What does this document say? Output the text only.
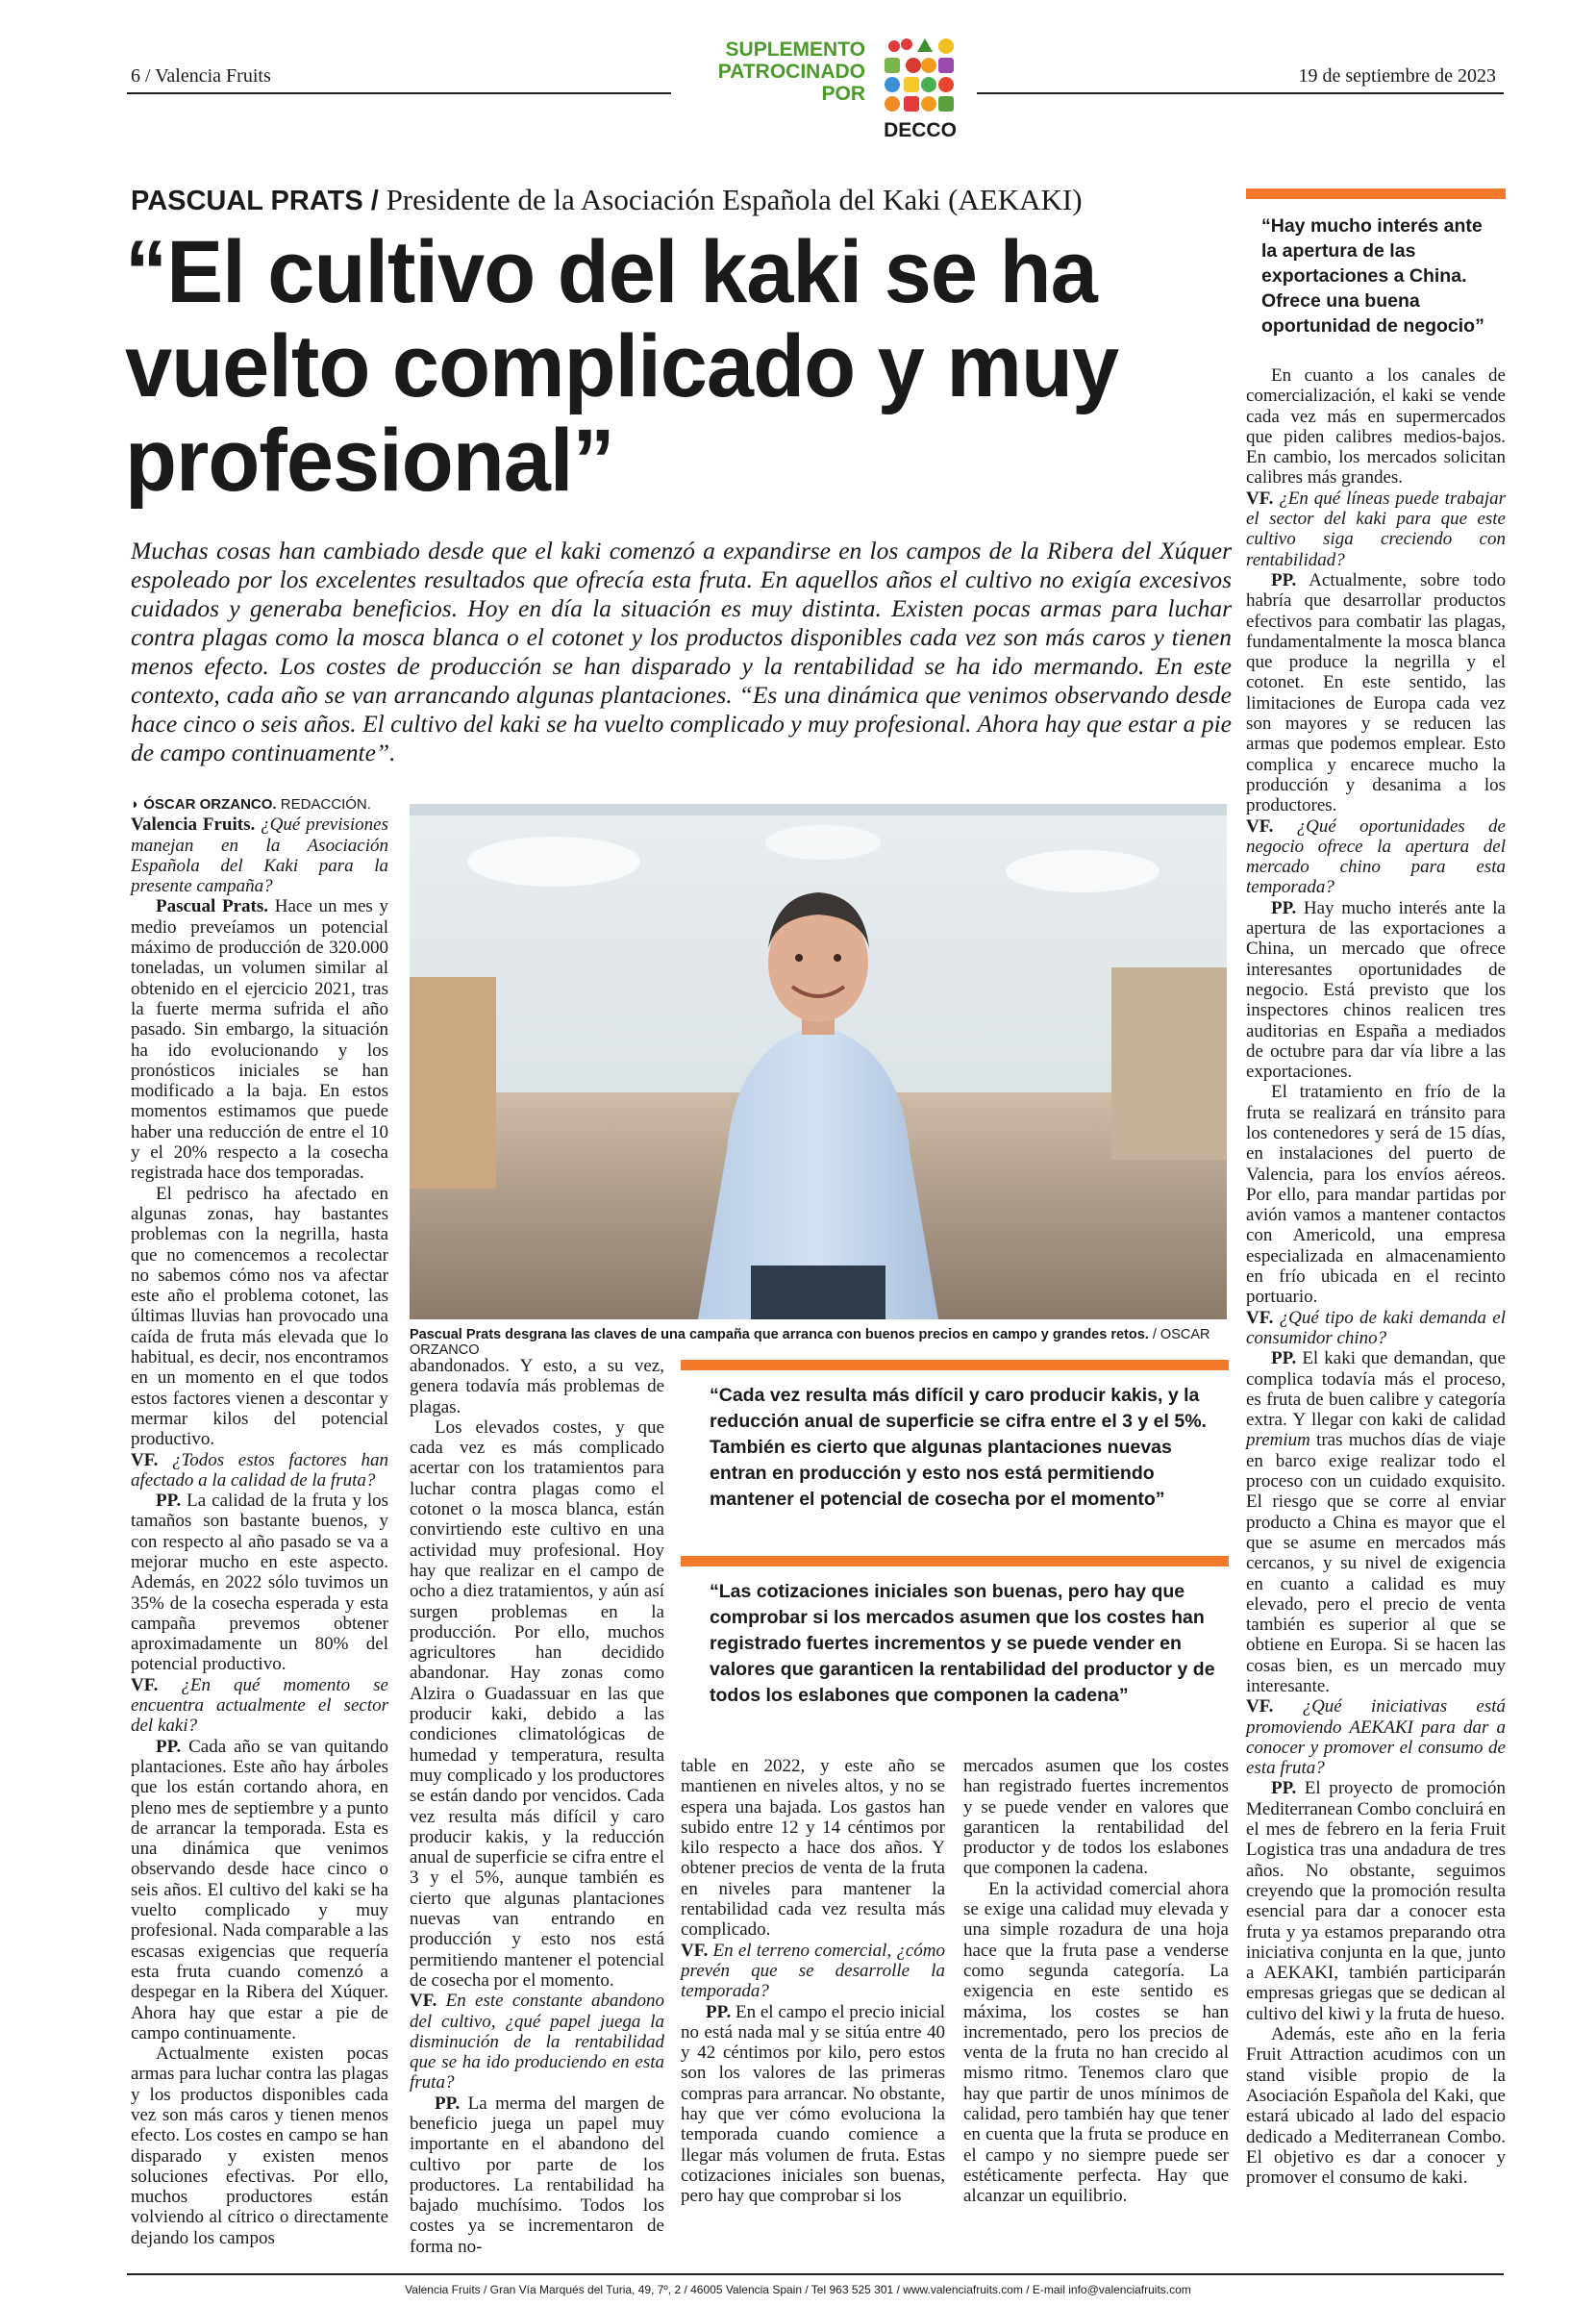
6 / Valencia Fruits
SUPLEMENTO
PATROCINADO POR
DECCO
19 de septiembre de 2023
PASCUAL PRATS / Presidente de la Asociación Española del Kaki (AEKAKI)
“El cultivo del kaki se ha vuelto complicado y muy profesional”
Muchas cosas han cambiado desde que el kaki comenzó a expandirse en los campos de la Ribera del Xúquer espoleado por los excelentes resultados que ofrecía esta fruta. En aquellos años el cultivo no exigía excesivos cuidados y generaba beneficios. Hoy en día la situación es muy distinta. Existen pocas armas para luchar contra plagas como la mosca blanca o el cotonet y los productos disponibles cada vez son más caros y tienen menos efecto. Los costes de producción se han disparado y la rentabilidad se ha ido mermando. En este contexto, cada año se van arrancando algunas plantaciones. “Es una dinámica que venimos observando desde hace cinco o seis años. El cultivo del kaki se ha vuelto complicado y muy profesional. Ahora hay que estar a pie de campo continuamente”.

◗ ÓSCAR ORZANCO. REDACCIÓN.

Valencia Fruits. ¿Qué previsiones manejan en la Asociación Española del Kaki para la presente campaña?

Pascual Prats. Hace un mes y medio preveíamos un potencial máximo de producción de 320.000 toneladas, un volumen similar al obtenido en el ejercicio 2021, tras la fuerte merma sufrida el año pasado. Sin embargo, la situación ha ido evolucionando y los pronósticos iniciales se han modificado a la baja. En estos momentos estimamos que puede haber una reducción de entre el 10 y el 20% respecto a la cosecha registrada hace dos temporadas.

El pedrisco ha afectado en algunas zonas, hay bastantes problemas con la negrilla, hasta que no comencemos a recolectar no sabemos cómo nos va afectar este año el problema cotonet, las últimas lluvias han provocado una caída de fruta más elevada que lo habitual, es decir, nos encontramos en un momento en el que todos estos factores vienen a descontar y mermar kilos del potencial productivo.

VF. ¿Todos estos factores han afectado a la calidad de la fruta?

PP. La calidad de la fruta y los tamaños son bastante buenos, y con respecto al año pasado se va a mejorar mucho en este aspecto. Además, en 2022 sólo tuvimos un 35% de la cosecha esperada y esta campaña prevemos obtener aproximadamente un 80% del potencial productivo.

VF. ¿En qué momento se encuentra actualmente el sector del kaki?

PP. Cada año se van quitando plantaciones. Este año hay árboles que los están cortando ahora, en pleno mes de septiembre y a punto de arrancar la temporada. Esta es una dinámica que venimos observando desde hace cinco o seis años. El cultivo del kaki se ha vuelto complicado y muy profesional. Nada comparable a las escasas exigencias que requería esta fruta cuando comenzó a despegar en la Ribera del Xúquer. Ahora hay que estar a pie de campo continuamente.

Actualmente existen pocas armas para luchar contra las plagas y los productos disponibles cada vez son más caros y tienen menos efecto. Los costes en campo se han disparado y existen menos soluciones efectivas. Por ello, muchos productores están volviendo al cítrico o directamente dejando los campos

Pascual Prats desgrana las claves de una campaña que arranca con buenos precios en campo y grandes retos. / OSCAR ORZANCO

abandonados. Y esto, a su vez, genera todavía más problemas de plagas.

Los elevados costes, y que cada vez es más complicado acertar con los tratamientos para luchar contra plagas como el cotonet o la mosca blanca, están convirtiendo este cultivo en una actividad muy profesional. Hoy hay que realizar en el campo de ocho a diez tratamientos, y aún así surgen problemas en la producción. Por ello, muchos agricultores han decidido abandonar. Hay zonas como Alzira o Guadassuar en las que producir kaki, debido a las condiciones climatológicas de humedad y temperatura, resulta muy complicado y los productores se están dando por vencidos. Cada vez resulta más difícil y caro producir kakis, y la reducción anual de superficie se cifra entre el 3 y el 5%, aunque también es cierto que algunas plantaciones nuevas van entrando en producción y esto nos está permitiendo mantener el potencial de cosecha por el momento.

VF. En este constante abandono del cultivo, ¿qué papel juega la disminución de la rentabilidad que se ha ido produciendo en esta fruta?

PP. La merma del margen de beneficio juega un papel muy importante en el abandono del cultivo por parte de los productores. La rentabilidad ha bajado muchísimo. Todos los costes ya se incrementaron de forma no-

“Cada vez resulta más difícil y caro producir kakis, y la reducción anual de superficie se cifra entre el 3 y el 5%. También es cierto que algunas plantaciones nuevas entran en producción y esto nos está permitiendo mantener el potencial de cosecha por el momento”
“Las cotizaciones iniciales son buenas, pero hay que comprobar si los mercados asumen que los costes han registrado fuertes incrementos y se puede vender en valores que garanticen la rentabilidad del productor y de todos los eslabones que componen la cadena”

table en 2022, y este año se mantienen en niveles altos, y no se espera una bajada. Los gastos han subido entre 12 y 14 céntimos por kilo respecto a hace dos años. Y obtener precios de venta de la fruta en niveles para mantener la rentabilidad cada vez resulta más complicado.

VF. En el terreno comercial, ¿cómo prevén que se desarrolle la temporada?

PP. En el campo el precio inicial no está nada mal y se sitúa entre 40 y 42 céntimos por kilo, pero estos son los valores de las primeras compras para arrancar. No obstante, hay que ver cómo evoluciona la temporada cuando comience a llegar más volumen de fruta. Estas cotizaciones iniciales son buenas, pero hay que comprobar si los

mercados asumen que los costes han registrado fuertes incrementos y se puede vender en valores que garanticen la rentabilidad del productor y de todos los eslabones que componen la cadena.

En la actividad comercial ahora se exige una calidad muy elevada y una simple rozadura de una hoja hace que la fruta pase a venderse como segunda categoría. La exigencia en este sentido es máxima, los costes se han incrementado, pero los precios de venta de la fruta no han crecido al mismo ritmo. Tenemos claro que hay que partir de unos mínimos de calidad, pero también hay que tener en cuenta que la fruta se produce en el campo y no siempre puede ser estéticamente perfecta. Hay que alcanzar un equilibrio.

“Hay mucho interés ante la apertura de las exportaciones a China. Ofrece una buena oportunidad de negocio”

En cuanto a los canales de comercialización, el kaki se vende cada vez más en supermercados que piden calibres medios-bajos. En cambio, los mercados solicitan calibres más grandes.

VF. ¿En qué líneas puede trabajar el sector del kaki para que este cultivo siga creciendo con rentabilidad?

PP. Actualmente, sobre todo habría que desarrollar productos efectivos para combatir las plagas, fundamentalmente la mosca blanca que produce la negrilla y el cotonet. En este sentido, las limitaciones de Europa cada vez son mayores y se reducen las armas que podemos emplear. Esto complica y encarece mucho la producción y desanima a los productores.

VF. ¿Qué oportunidades de negocio ofrece la apertura del mercado chino para esta temporada?

PP. Hay mucho interés ante la apertura de las exportaciones a China, un mercado que ofrece interesantes oportunidades de negocio. Está previsto que los inspectores chinos realicen tres auditorias en España a mediados de octubre para dar vía libre a las exportaciones.

El tratamiento en frío de la fruta se realizará en tránsito para los contenedores y será de 15 días, en instalaciones del puerto de Valencia, para los envíos aéreos. Por ello, para mandar partidas por avión vamos a mantener contactos con Americold, una empresa especializada en almacenamiento en frío ubicada en el recinto portuario.

VF. ¿Qué tipo de kaki demanda el consumidor chino?

PP. El kaki que demandan, que complica todavía más el proceso, es fruta de buen calibre y categoría extra. Y llegar con kaki de calidad premium tras muchos días de viaje en barco exige realizar todo el proceso con un cuidado exquisito. El riesgo que se corre al enviar producto a China es mayor que el que se asume en mercados más cercanos, y su nivel de exigencia en cuanto a calidad es muy elevado, pero el precio de venta también es superior al que se obtiene en Europa. Si se hacen las cosas bien, es un mercado muy interesante.

VF. ¿Qué iniciativas está promoviendo AEKAKI para dar a conocer y promover el consumo de esta fruta?

PP. El proyecto de promoción Mediterranean Combo concluirá en el mes de febrero en la feria Fruit Logistica tras una andadura de tres años. No obstante, seguimos creyendo que la promoción resulta esencial para dar a conocer esta fruta y ya estamos preparando otra iniciativa conjunta en la que, junto a AEKAKI, también participarán empresas griegas que se dedican al cultivo del kiwi y la fruta de hueso.

Además, este año en la feria Fruit Attraction acudimos con un stand visible propio de la Asociación Española del Kaki, que estará ubicado al lado del espacio dedicado a Mediterranean Combo. El objetivo es dar a conocer y promover el consumo de kaki.

Valencia Fruits / Gran Vía Marqués del Turia, 49, 7º, 2 / 46005 Valencia Spain / Tel 963 525 301 / www.valenciafruits.com / E-mail info@valenciafruits.com
